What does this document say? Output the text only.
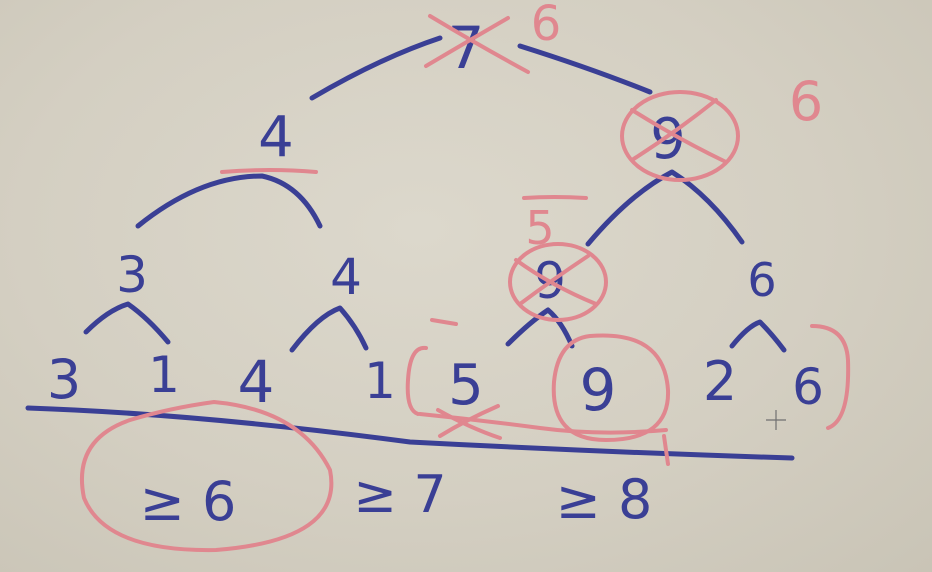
7
4	9
3	4	9	6
3 1 4 1 5 9 2 6
≥ 6 ≥ 7 ≥ 8
6
6
5
